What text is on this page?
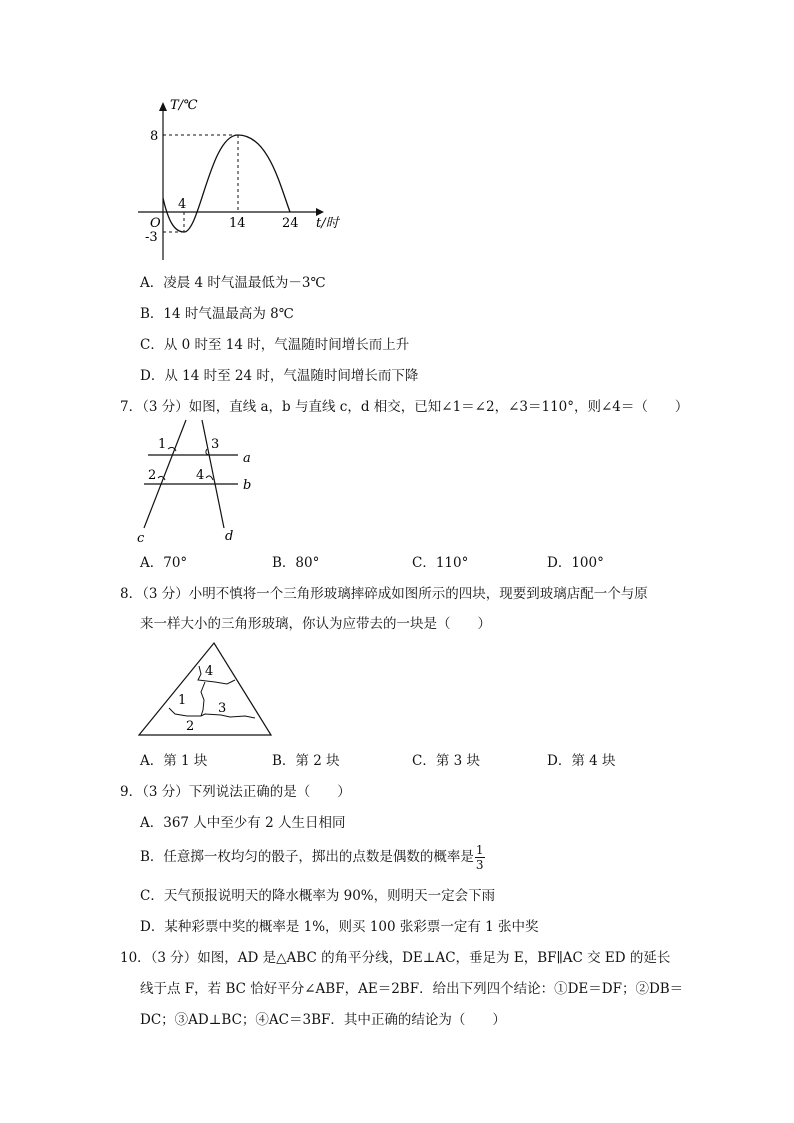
T/℃
8
O
-3
4
14	24 t/时
A．凌晨 4 时气温最低为－3℃
B．14 时气温最高为 8℃
C．从 0 时至 14 时，气温随时间增长而上升
D．从 14 时至 24 时，气温随时间增长而下降
7．（3 分）如图，直线 a，b 与直线 c，d 相交，已知∠1＝∠2，∠3＝110°，则∠4＝（　　）
1	3
a
2	4
b
c	d
A．70°	B．80°	C．110°	D．100°
8．（3 分）小明不慎将一个三角形玻璃摔碎成如图所示的四块，现要到玻璃店配一个与原
来一样大小的三角形玻璃，你认为应带去的一块是（　　）
4
1
3
2
A．第 1 块	B．第 2 块	C．第 3 块	D．第 4 块
9．（3 分）下列说法正确的是（　　）
A．367 人中至少有 2 人生日相同
B．任意掷一枚均匀的骰子，掷出的点数是偶数的概率是 $\frac{1}{3}$
C．天气预报说明天的降水概率为 90%，则明天一定会下雨
D．某种彩票中奖的概率是 1%，则买 100 张彩票一定有 1 张中奖
10．（3 分）如图，AD 是△ABC 的角平分线，DE⊥AC，垂足为 E，BF∥AC 交 ED 的延长
线于点 F，若 BC 恰好平分∠ABF，AE＝2BF．给出下列四个结论：①DE＝DF；②DB＝
DC；③AD⊥BC；④AC＝3BF．其中正确的结论为（　　）
